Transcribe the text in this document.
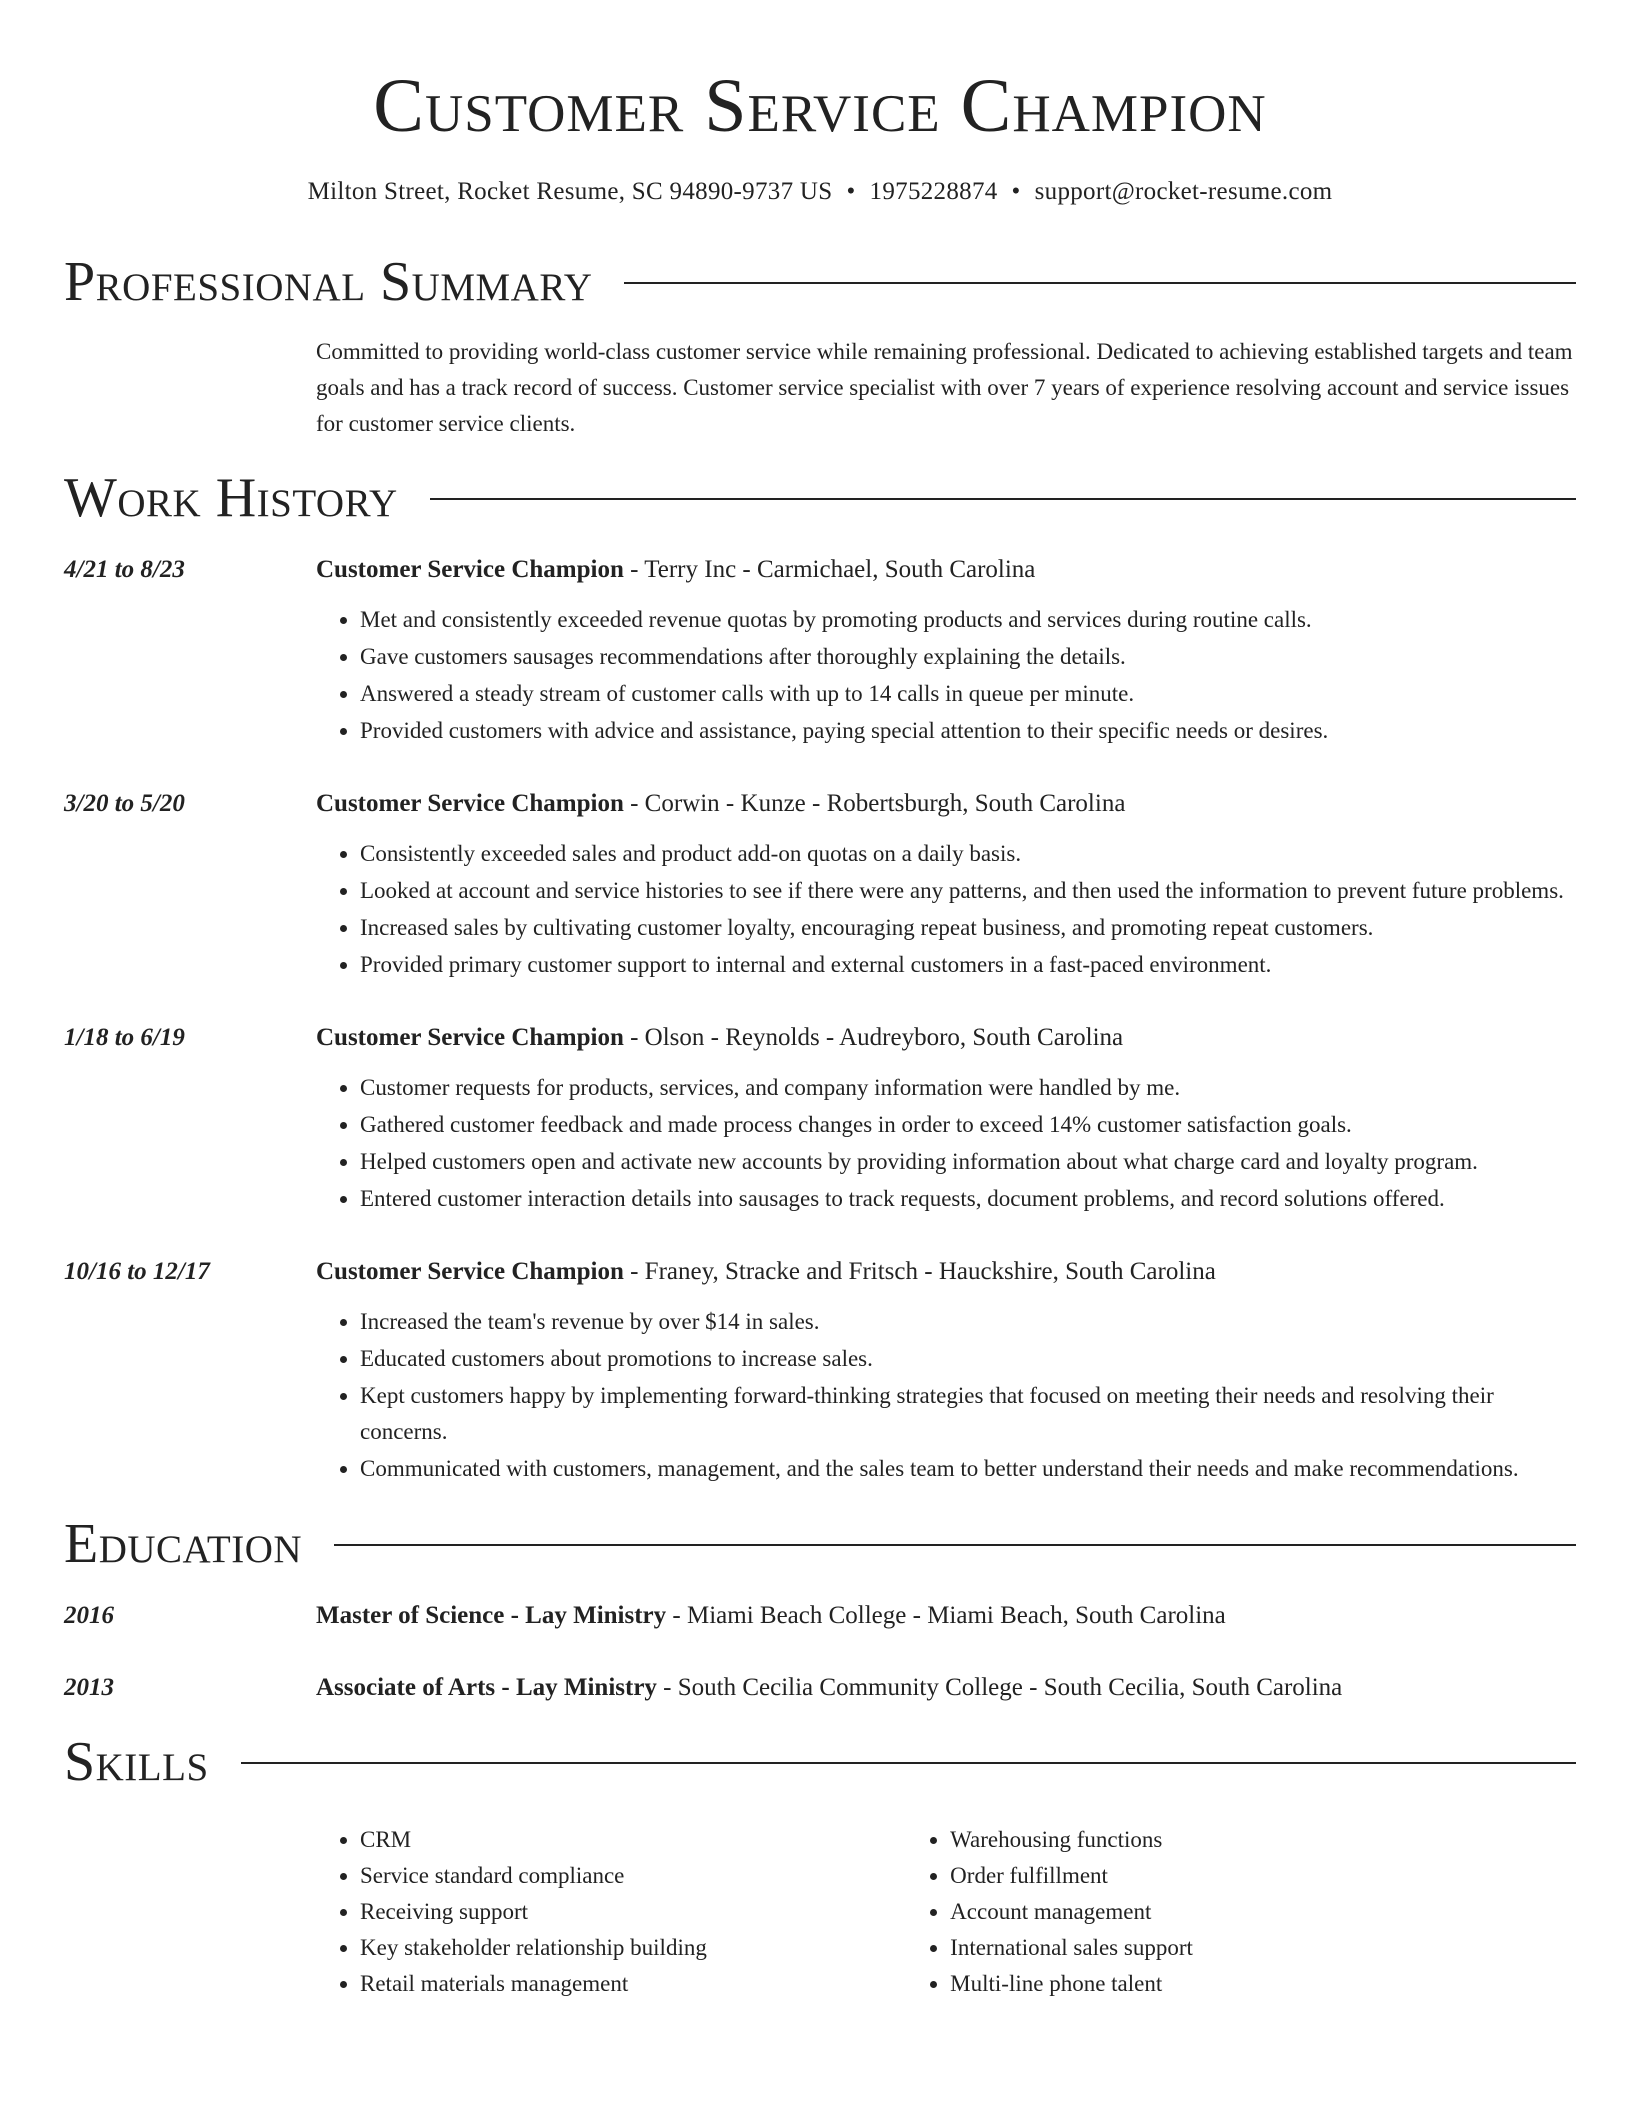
Customer Service Champion
Milton Street, Rocket Resume, SC 94890-9737 US • 1975228874 • support@rocket-resume.com
Professional Summary
Committed to providing world-class customer service while remaining professional. Dedicated to achieving established targets and team goals and has a track record of success. Customer service specialist with over 7 years of experience resolving account and service issues for customer service clients.
Work History
4/21 to 8/23	Customer Service Champion - Terry Inc - Carmichael, South Carolina
• Met and consistently exceeded revenue quotas by promoting products and services during routine calls.
• Gave customers sausages recommendations after thoroughly explaining the details.
• Answered a steady stream of customer calls with up to 14 calls in queue per minute.
• Provided customers with advice and assistance, paying special attention to their specific needs or desires.
3/20 to 5/20	Customer Service Champion - Corwin - Kunze - Robertsburgh, South Carolina
• Consistently exceeded sales and product add-on quotas on a daily basis.
• Looked at account and service histories to see if there were any patterns, and then used the information to prevent future problems.
• Increased sales by cultivating customer loyalty, encouraging repeat business, and promoting repeat customers.
• Provided primary customer support to internal and external customers in a fast-paced environment.
1/18 to 6/19	Customer Service Champion - Olson - Reynolds - Audreyboro, South Carolina
• Customer requests for products, services, and company information were handled by me.
• Gathered customer feedback and made process changes in order to exceed 14% customer satisfaction goals.
• Helped customers open and activate new accounts by providing information about what charge card and loyalty program.
• Entered customer interaction details into sausages to track requests, document problems, and record solutions offered.
10/16 to 12/17	Customer Service Champion - Franey, Stracke and Fritsch - Hauckshire, South Carolina
• Increased the team's revenue by over $14 in sales.
• Educated customers about promotions to increase sales.
• Kept customers happy by implementing forward-thinking strategies that focused on meeting their needs and resolving their concerns.
• Communicated with customers, management, and the sales team to better understand their needs and make recommendations.
Education
2016	Master of Science - Lay Ministry - Miami Beach College - Miami Beach, South Carolina
2013	Associate of Arts - Lay Ministry - South Cecilia Community College - South Cecilia, South Carolina
Skills
• CRM
• Service standard compliance
• Receiving support
• Key stakeholder relationship building
• Retail materials management
• Warehousing functions
• Order fulfillment
• Account management
• International sales support
• Multi-line phone talent
